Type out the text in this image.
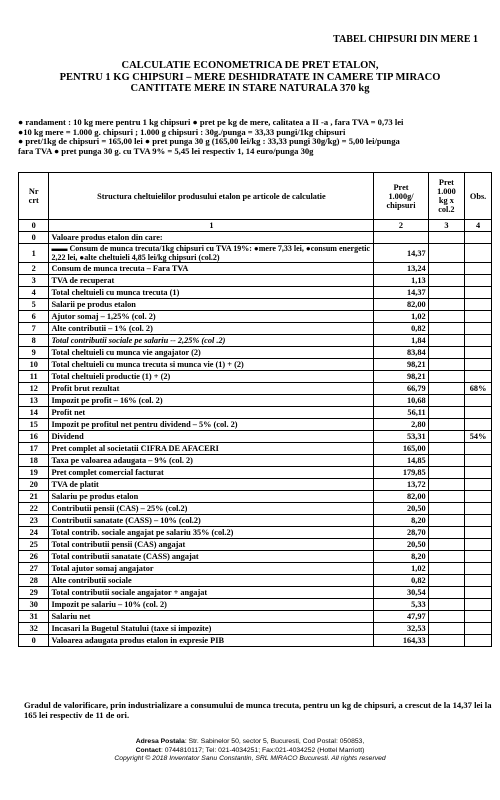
TABEL CHIPSURI DIN MERE 1
CALCULATIE ECONOMETRICA DE PRET ETALON,
PENTRU 1 KG CHIPSURI – MERE DESHIDRATATE IN CAMERE TIP MIRACO
CANTITATE MERE IN STARE NATURALA 370 kg
● randament : 10 kg mere pentru 1 kg chipsuri ● pret pe kg de mere, calitatea a II -a , fara TVA = 0,73 lei
●10 kg mere = 1.000 g. chipsuri ; 1.000 g chipsuri : 30g./punga = 33,33 pungi/1kg chipsuri
● pret/1kg de chipsuri = 165,00 lei ● pret punga 30 g (165,00 lei/kg : 33,33 pungi 30g/kg) = 5,00 lei/punga
fara TVA ● pret punga 30 g. cu TVA 9% = 5,45 lei respectiv 1, 14 euro/punga 30g
Nr
crt	Structura cheltuielilor produsului etalon pe articole de calculatie	Pret
1.000g/
chipsuri	Pret
1.000
kg x
col.2	Obs.
0	1	2	3	4
0	Valoare produs etalon din care:			
1	▬▬ Consum de munca trecuta/1kg chipsuri cu TVA 19%: ●mere 7,33 lei, ●consum energetic 2,22 lei, ●alte cheltuieli 4,85 lei/kg chipsuri (col.2)	14,37		
2	Consum de munca trecuta – Fara TVA	13,24		
3	TVA de recuperat	1,13		
4	Total cheltuieli cu munca trecuta (1)	14,37		
5	Salarii pe produs etalon	82,00		
6	Ajutor somaj – 1,25% (col. 2)	1,02		
7	Alte contributii – 1% (col. 2)	0,82		
8	Total contributii sociale pe salariu -- 2,25% (col .2)	1,84		
9	Total cheltuieli cu munca vie angajator (2)	83,84		
10	Total cheltuieli cu munca trecuta si munca vie (1) + (2)	98,21		
11	Total cheltuieli productie (1) + (2)	98,21		
12	Profit brut rezultat	66,79		68%
13	Impozit pe profit – 16% (col. 2)	10,68		
14	Profit net	56,11		
15	Impozit pe profitul net pentru dividend – 5% (col. 2)	2,80		
16	Dividend	53,31		54%
17	Pret complet al societatii CIFRA DE AFACERI	165,00		
18	Taxa pe valoarea adaugata – 9% (col. 2)	14,85		
19	Pret complet comercial facturat	179,85		
20	TVA de platit	13,72		
21	Salariu pe produs etalon	82,00		
22	Contributii pensii (CAS) – 25% (col.2)	20,50		
23	Contributii sanatate (CASS) – 10% (col.2)	8,20		
24	Total contrib. sociale angajat pe salariu 35% (col.2)	28,70		
25	Total contributii pensii (CAS) angajat	20,50		
26	Total contributii sanatate (CASS) angajat	8,20		
27	Total ajutor somaj angajator	1,02		
28	Alte contributii sociale	0,82		
29	Total contributii sociale angajator + angajat	30,54		
30	Impozit pe salariu – 10% (col. 2)	5,33		
31	Salariu net	47,97		
32	Incasari la Bugetul Statului (taxe si impozite)	32,53		
0	Valoarea adaugata produs etalon in expresie PIB	164,33		
Gradul de valorificare, prin industrializare a consumului de munca trecuta, pentru un kg de chipsuri, a crescut de la 14,37 lei la 165 lei respectiv de 11 de ori.
Adresa Postala: Str. Sabinelor 50, sector 5, Bucuresti, Cod Postal: 050853,
Contact: 0744810117; Tel: 021-4034251; Fax:021-4034252 (Hottel Marriott)
Copyright © 2018 Inventator Sanu Constantin, SRL MIRACO Bucuresti. All rights reserved
